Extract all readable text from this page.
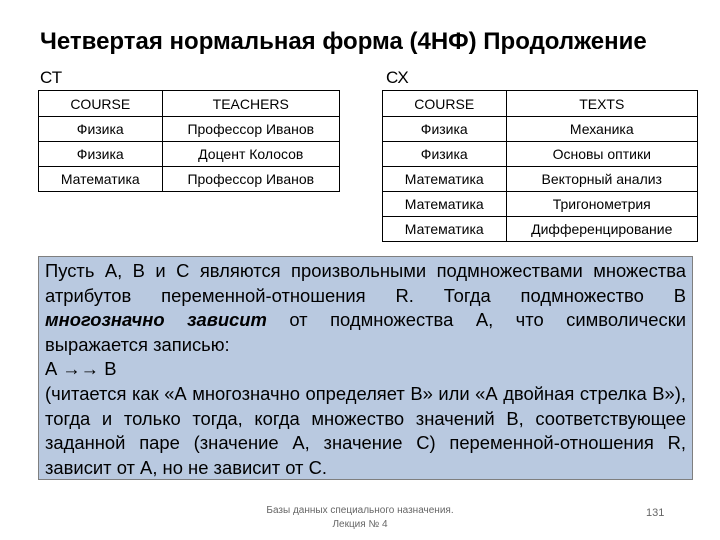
Четвертая нормальная форма (4НФ) Продолжение
СТ
COURSE	TEACHERS
Физика	Профессор Иванов
Физика	Доцент Колосов
Математика	Профессор Иванов
СХ
COURSE	TEXTS
Физика	Механика
Физика	Основы оптики
Математика	Векторный анализ
Математика	Тригонометрия
Математика	Дифференцирование

Пусть А, В и С являются произвольными подмножествами множества атрибутов переменной-отношения R. Тогда подмножество В многозначно зависит от подмножества А, что символически выражается записью:

А →→ В

(читается как «А многозначно определяет В» или «А двойная стрелка В»), тогда и только тогда, когда множество значений В, соответствующее заданной паре (значение А, значение С) переменной-отношения R, зависит от А, но не зависит от С.

Базы данных специального назначения.
Лекция № 4
131
